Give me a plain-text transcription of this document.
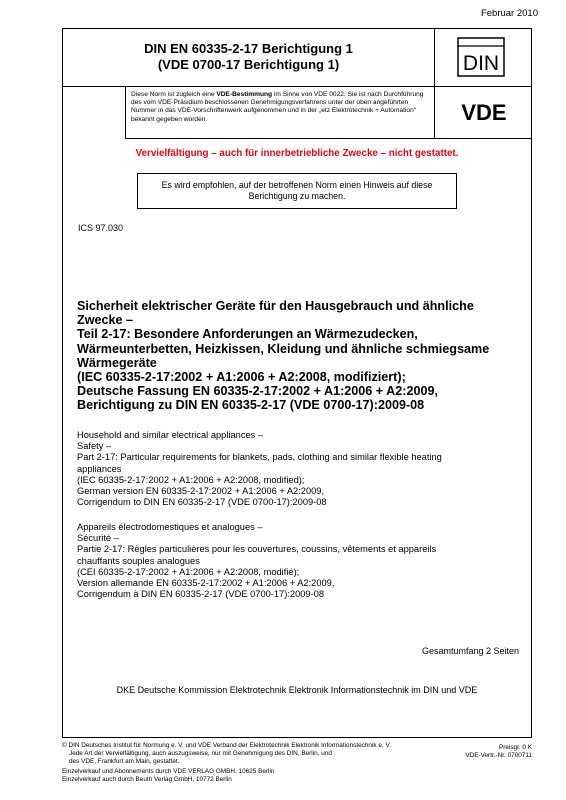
Februar 2010
DIN EN 60335-2-17 Berichtigung 1
(VDE 0700-17 Berichtigung 1)	DIN
Diese Norm ist zugleich eine VDE-Bestimmung im Sinne von VDE 0022. Sie ist nach Durchführung des vom VDE-Präsidium beschlossenen Genehmigungsverfahrens unter der oben angeführten Nummer in das VDE-Vorschriftenwerk aufgenommen und in der „etz Elektrotechnik + Automation“ bekannt gegeben worden.	VDE
Vervielfältigung – auch für innerbetriebliche Zwecke – nicht gestattet.
Es wird empfohlen, auf der betroffenen Norm einen Hinweis auf diese Berichtigung zu machen.
ICS 97.030
Sicherheit elektrischer Geräte für den Hausgebrauch und ähnliche
Zwecke –
Teil 2-17: Besondere Anforderungen an Wärmezudecken,
Wärmeunterbetten, Heizkissen, Kleidung und ähnliche schmiegsame
Wärmegeräte
(IEC 60335-2-17:2002 + A1:2006 + A2:2008, modifiziert);
Deutsche Fassung EN 60335-2-17:2002 + A1:2006 + A2:2009,
Berichtigung zu DIN EN 60335-2-17 (VDE 0700-17):2009-08
Household and similar electrical appliances –
Safety –
Part 2-17: Particular requirements for blankets, pads, clothing and similar flexible heating
appliances
(IEC 60335-2-17:2002 + A1:2006 + A2:2008, modified);
German version EN 60335-2-17:2002 + A1:2006 + A2:2009,
Corrigendum to DIN EN 60335-2-17 (VDE 0700-17):2009-08
Appareils électrodomestiques et analogues –
Sécurité –
Partie 2-17: Règles particulières pour les couvertures, coussins, vêtements et appareils
chauffants souples analogues
(CEI 60335-2-17:2002 + A1:2006 + A2:2008, modifié);
Version allemande EN 60335-2-17:2002 + A1:2006 + A2:2009,
Corrigendum à DIN EN 60335-2-17 (VDE 0700-17):2009-08
Gesamtumfang 2 Seiten
DKE Deutsche Kommission Elektrotechnik Elektronik Informationstechnik im DIN und VDE
© DIN Deutsches Institut für Normung e. V. und VDE Verband der Elektrotechnik Elektronik Informationstechnik e. V.
Jede Art der Vervielfältigung, auch auszugsweise, nur mit Genehmigung des DIN, Berlin, und
des VDE, Frankfurt am Main, gestattet.
Preisgr. 0 K
VDE-Vertr.-Nr. 0700711
Einzelverkauf und Abonnements durch VDE VERLAG GMBH, 10625 Berlin
Einzelverkauf auch durch Beuth Verlag GmbH, 10772 Berlin
